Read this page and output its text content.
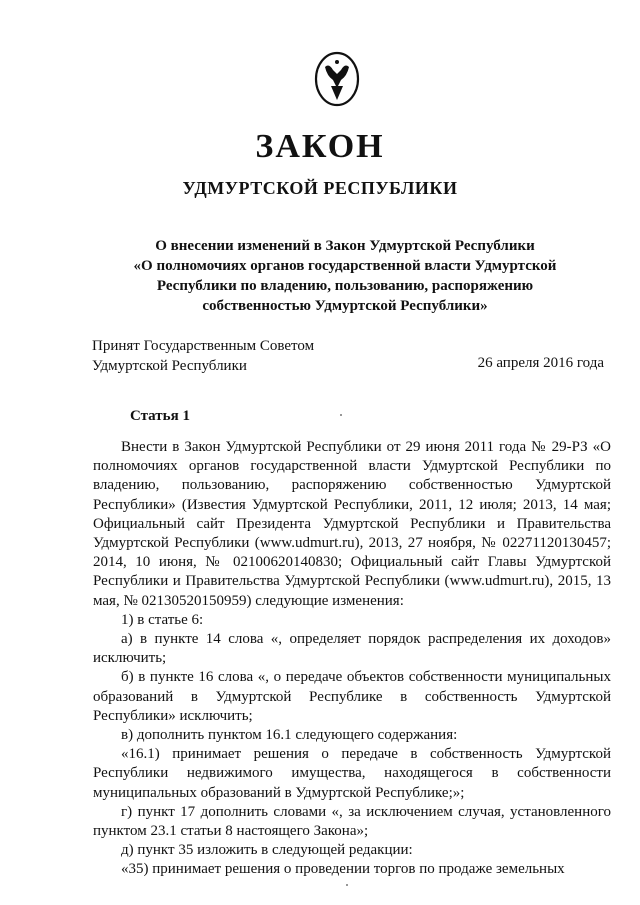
ЗАКОН
УДМУРТСКОЙ РЕСПУБЛИКИ
О внесении изменений в Закон Удмуртской Республики
«О полномочиях органов государственной власти Удмуртской
Республики по владению, пользованию, распоряжению
собственностью Удмуртской Республики»
Принят Государственным Советом
Удмуртской Республики	26 апреля 2016 года
Статья 1

Внести в Закон Удмуртской Республики от 29 июня 2011 года № 29-РЗ «О полномочиях органов государственной власти Удмуртской Республики по владению, пользованию, распоряжению собственностью Удмуртской Республики» (Известия Удмуртской Республики, 2011, 12 июля; 2013, 14 мая; Официальный сайт Президента Удмуртской Республики и Правительства Удмуртской Республики (www.udmurt.ru), 2013, 27 ноября, № 02271120130457; 2014, 10 июня, № 02100620140830; Официальный сайт Главы Удмуртской Республики и Правительства Удмуртской Республики (www.udmurt.ru), 2015, 13 мая, № 02130520150959) следующие изменения:

1) в статье 6:

а) в пункте 14 слова «, определяет порядок распределения их доходов» исключить;

б) в пункте 16 слова «, о передаче объектов собственности муниципальных образований в Удмуртской Республике в собственность Удмуртской Республики» исключить;

в) дополнить пунктом 16.1 следующего содержания:

«16.1) принимает решения о передаче в собственность Удмуртской Республики недвижимого имущества, находящегося в собственности муниципальных образований в Удмуртской Республике;»;

г) пункт 17 дополнить словами «, за исключением случая, установленного пунктом 23.1 статьи 8 настоящего Закона»;

д) пункт 35 изложить в следующей редакции:

«35) принимает решения о проведении торгов по продаже земельных
